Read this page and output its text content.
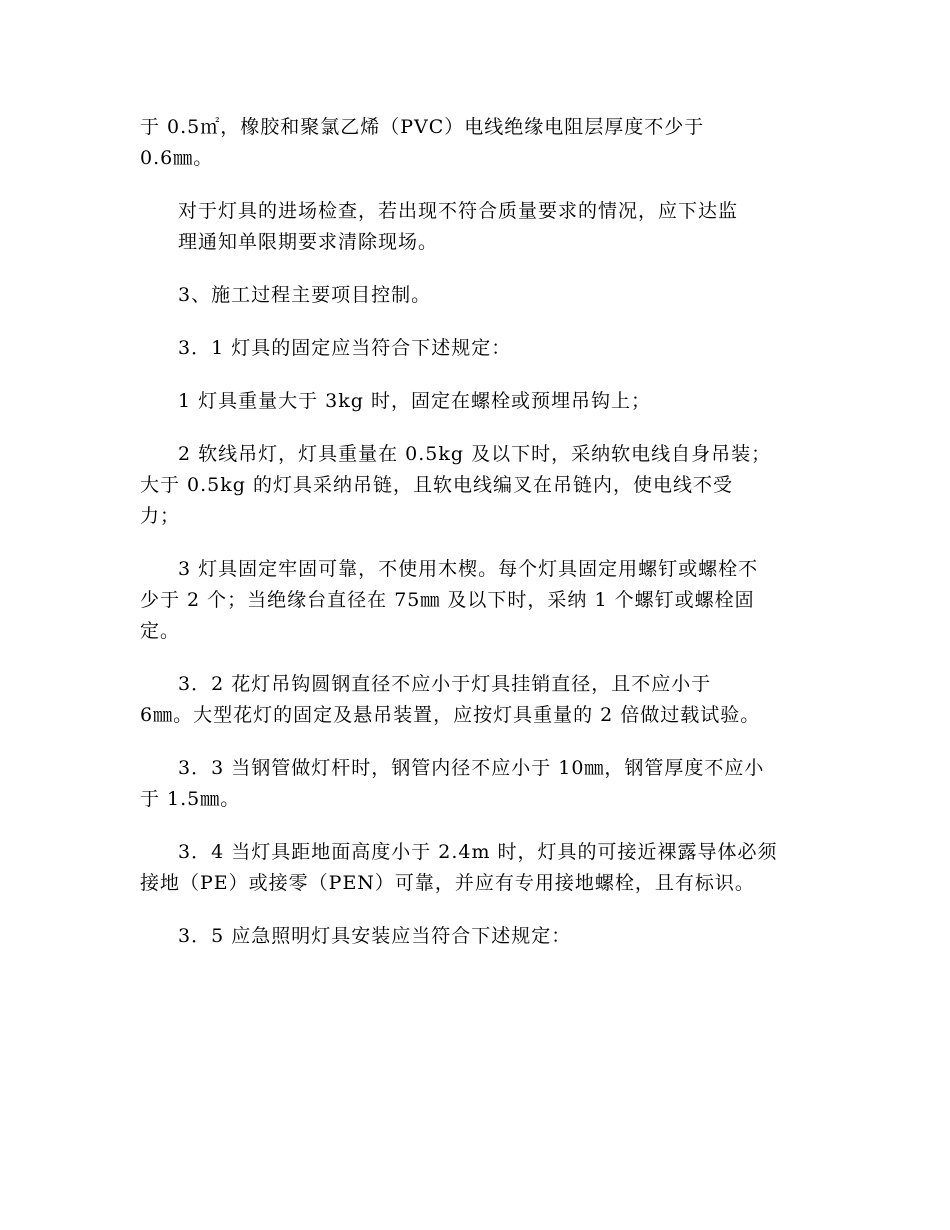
于 0.5㎡，橡胶和聚氯乙烯（PVC）电线绝缘电阻层厚度不少于
0.6㎜。

对于灯具的进场检查，若出现不符合质量要求的情况，应下达监
理通知单限期要求清除现场。

3、施工过程主要项目控制。

3．1 灯具的固定应当符合下述规定：

1 灯具重量大于 3kg 时，固定在螺栓或预埋吊钩上；

2 软线吊灯，灯具重量在 0.5kg 及以下时，采纳软电线自身吊装；
大于 0.5kg 的灯具采纳吊链，且软电线编叉在吊链内，使电线不受
力；

3 灯具固定牢固可靠，不使用木楔。每个灯具固定用螺钉或螺栓不
少于 2 个；当绝缘台直径在 75㎜ 及以下时，采纳 1 个螺钉或螺栓固
定。

3．2 花灯吊钩圆钢直径不应小于灯具挂销直径，且不应小于
6㎜。大型花灯的固定及悬吊装置，应按灯具重量的 2 倍做过载试验。

3．3 当钢管做灯杆时，钢管内径不应小于 10㎜，钢管厚度不应小
于 1.5㎜。

3．4 当灯具距地面高度小于 2.4m 时，灯具的可接近裸露导体必须
接地（PE）或接零（PEN）可靠，并应有专用接地螺栓，且有标识。

3．5 应急照明灯具安装应当符合下述规定：
